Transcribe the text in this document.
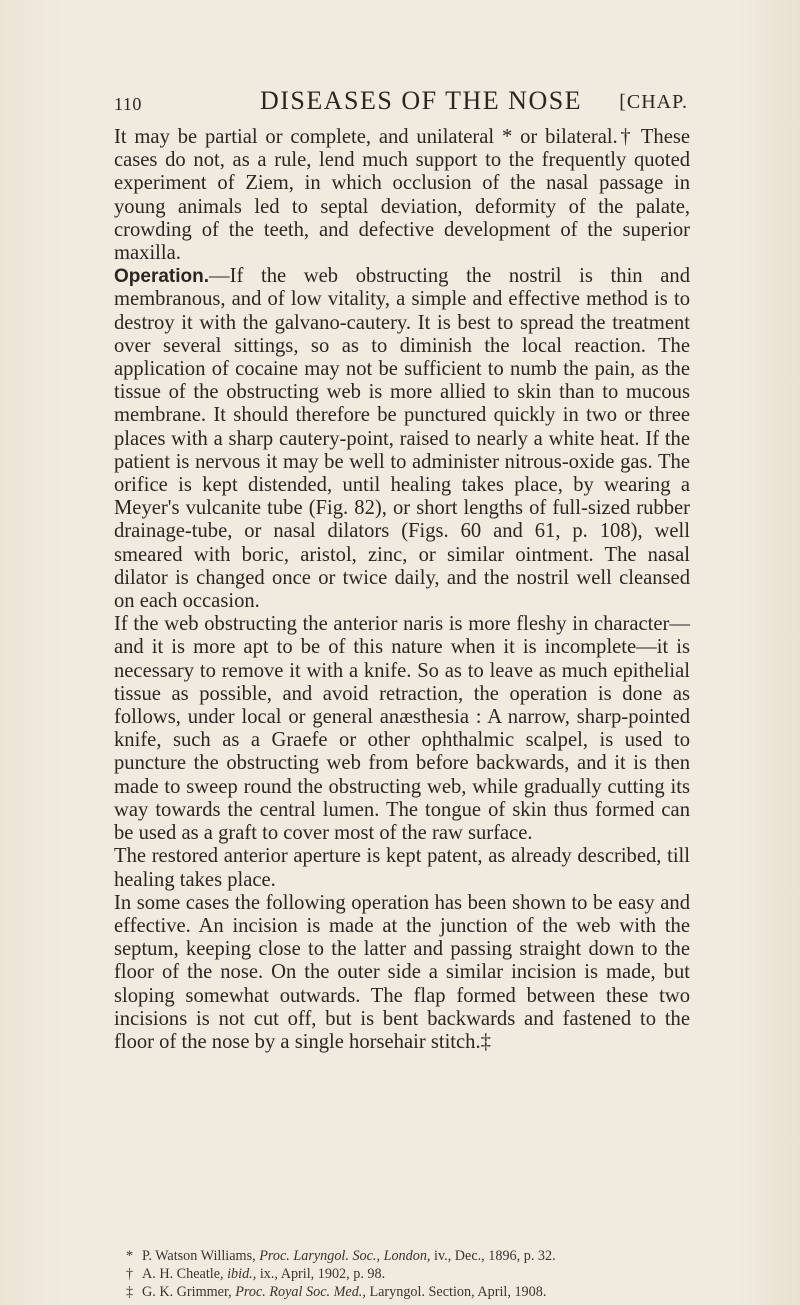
110	DISEASES OF THE NOSE [CHAP.

It may be partial or complete, and unilateral * or bilateral.† These cases do not, as a rule, lend much support to the frequently quoted experiment of Ziem, in which occlusion of the nasal passage in young animals led to septal deviation, deformity of the palate, crowding of the teeth, and defective development of the superior maxilla.

Operation.—If the web obstructing the nostril is thin and membranous, and of low vitality, a simple and effective method is to destroy it with the galvano-cautery. It is best to spread the treatment over several sittings, so as to diminish the local reaction. The application of cocaine may not be sufficient to numb the pain, as the tissue of the obstructing web is more allied to skin than to mucous membrane. It should therefore be punctured quickly in two or three places with a sharp cautery-point, raised to nearly a white heat. If the patient is nervous it may be well to administer nitrous-oxide gas. The orifice is kept distended, until healing takes place, by wearing a Meyer's vulcanite tube (Fig. 82), or short lengths of full-sized rubber drainage-tube, or nasal dilators (Figs. 60 and 61, p. 108), well smeared with boric, aristol, zinc, or similar ointment. The nasal dilator is changed once or twice daily, and the nostril well cleansed on each occasion.

If the web obstructing the anterior naris is more fleshy in character—and it is more apt to be of this nature when it is incomplete—it is necessary to remove it with a knife. So as to leave as much epithelial tissue as possible, and avoid retraction, the operation is done as follows, under local or general anæsthesia : A narrow, sharp-pointed knife, such as a Graefe or other ophthalmic scalpel, is used to puncture the obstructing web from before backwards, and it is then made to sweep round the obstructing web, while gradually cutting its way towards the central lumen. The tongue of skin thus formed can be used as a graft to cover most of the raw surface.

The restored anterior aperture is kept patent, as already described, till healing takes place.

In some cases the following operation has been shown to be easy and effective. An incision is made at the junction of the web with the septum, keeping close to the latter and passing straight down to the floor of the nose. On the outer side a similar incision is made, but sloping somewhat outwards. The flap formed between these two incisions is not cut off, but is bent backwards and fastened to the floor of the nose by a single horsehair stitch.‡

* P. Watson Williams, Proc. Laryngol. Soc., London, iv., Dec., 1896, p. 32.
† A. H. Cheatle, ibid., ix., April, 1902, p. 98.
‡ G. K. Grimmer, Proc. Royal Soc. Med., Laryngol. Section, April, 1908.
